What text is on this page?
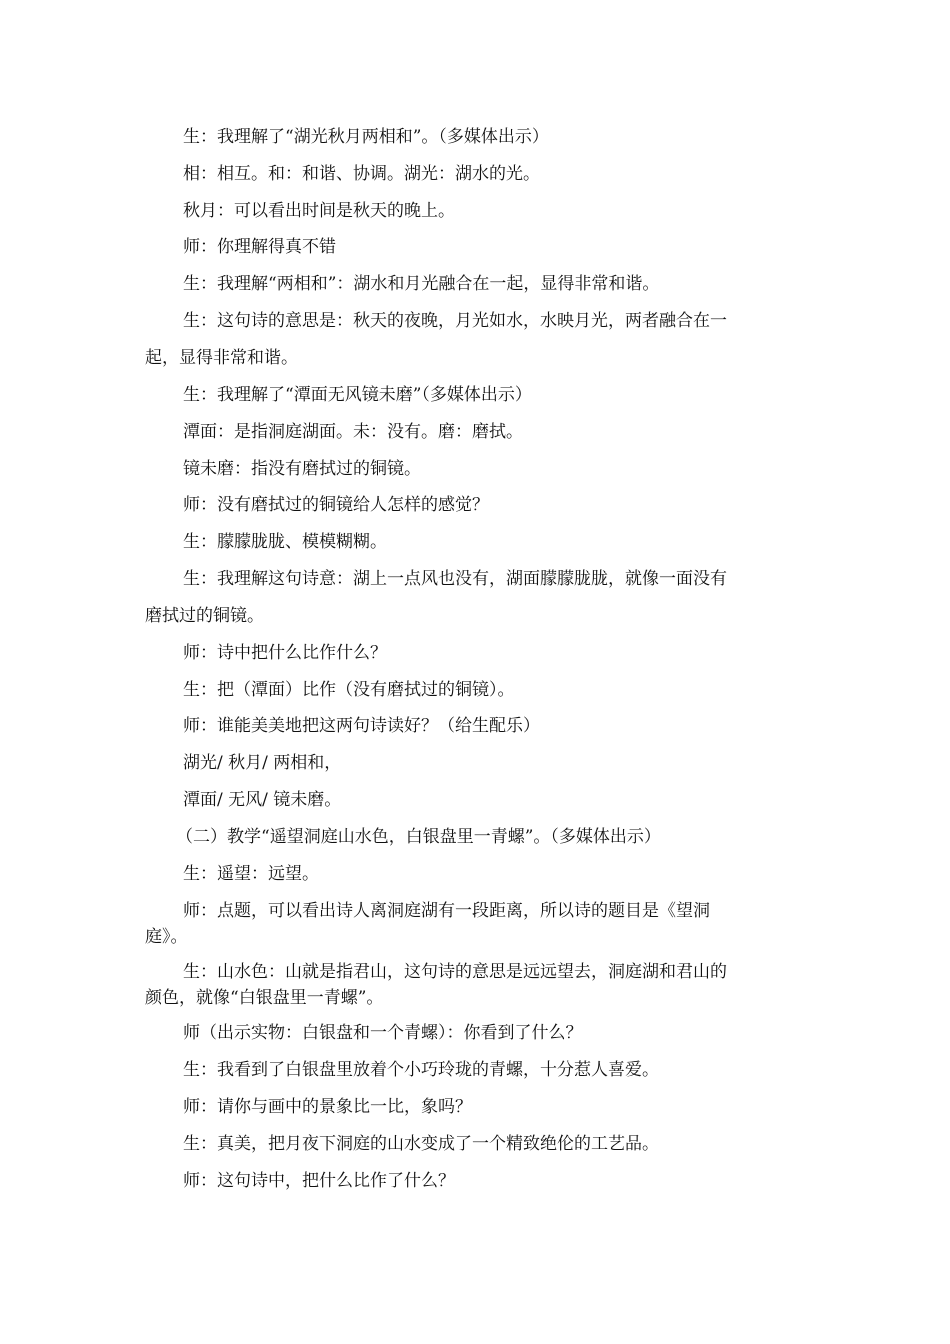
生：我理解了“湖光秋月两相和”。（多媒体出示）

相：相互。和：和谐、协调。湖光：湖水的光。

秋月：可以看出时间是秋天的晚上。

师：你理解得真不错

生：我理解“两相和”：湖水和月光融合在一起，显得非常和谐。

生：这句诗的意思是：秋天的夜晚，月光如水，水映月光，两者融合在一

起，显得非常和谐。

生：我理解了“潭面无风镜未磨”（多媒体出示）

潭面：是指洞庭湖面。未：没有。磨：磨拭。

镜未磨：指没有磨拭过的铜镜。

师：没有磨拭过的铜镜给人怎样的感觉？

生：朦朦胧胧、模模糊糊。

生：我理解这句诗意：湖上一点风也没有，湖面朦朦胧胧，就像一面没有

磨拭过的铜镜。

师：诗中把什么比作什么？

生：把（潭面）比作（没有磨拭过的铜镜）。

师：谁能美美地把这两句诗读好？（给生配乐）

湖光/ 秋月/ 两相和，

潭面/ 无风/ 镜未磨。

（二）教学“遥望洞庭山水色，白银盘里一青螺”。（多媒体出示）

生：遥望：远望。

师：点题，可以看出诗人离洞庭湖有一段距离，所以诗的题目是《望洞

庭》。

生：山水色：山就是指君山，这句诗的意思是远远望去，洞庭湖和君山的

颜色，就像“白银盘里一青螺”。

师（出示实物：白银盘和一个青螺）：你看到了什么？

生：我看到了白银盘里放着个小巧玲珑的青螺，十分惹人喜爱。

师：请你与画中的景象比一比，象吗？

生：真美，把月夜下洞庭的山水变成了一个精致绝伦的工艺品。

师：这句诗中，把什么比作了什么？
